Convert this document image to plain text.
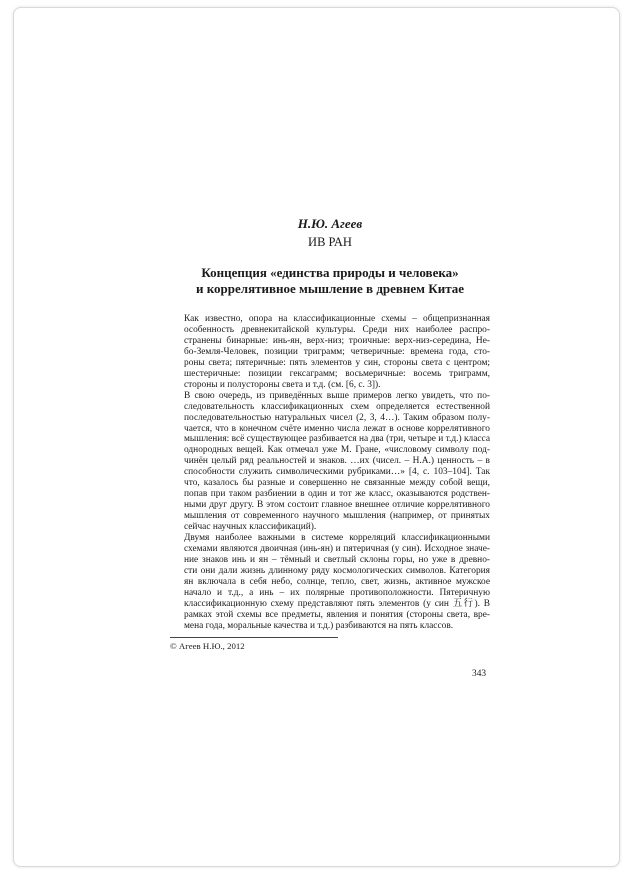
Н.Ю. Агеев

ИВ РАН

Концепция «единства природы и человека»
и коррелятивное мышление в древнем Китае

Как известно, опора на классификационные схемы – общепризнанная
особенность древнекитайской культуры. Среди них наиболее распро-
странены бинарные: инь-ян, верх-низ; троичные: верх-низ-середина, Не-
бо-Земля-Человек, позиции триграмм; четверичные: времена года, сто-
роны света; пятеричные: пять элементов у син, стороны света с центром;
шестеричные: позиции гексаграмм; восьмеричные: восемь триграмм,
стороны и полустороны света и т.д. (см. [6, с. 3]).

В свою очередь, из приведённых выше примеров легко увидеть, что по-
следовательность классификационных схем определяется естественной
последовательностью натуральных чисел (2, 3, 4…). Таким образом полу-
чается, что в конечном счёте именно числа лежат в основе коррелятивного
мышления: всё существующее разбивается на два (три, четыре и т.д.) класса
однородных вещей. Как отмечал уже М. Гране, «числовому символу под-
чинён целый ряд реальностей и знаков. …их (чисел. – Н.А.) ценность – в
способности служить символическими рубриками…» [4, с. 103–104]. Так
что, казалось бы разные и совершенно не связанные между собой вещи,
попав при таком разбиении в один и тот же класс, оказываются родствен-
ными друг другу. В этом состоит главное внешнее отличие коррелятивного
мышления от современного научного мышления (например, от принятых
сейчас научных классификаций).

Двумя наиболее важными в системе корреляций классификационными
схемами являются двоичная (инь-ян) и пятеричная (у син). Исходное значе-
ние знаков инь и ян – тёмный и светлый склоны горы, но уже в древно-
сти они дали жизнь длинному ряду космологических символов. Категория
ян включала в себя небо, солнце, тепло, свет, жизнь, активное мужское
начало и т.д., а инь – их полярные противоположности. Пятеричную
классификационную схему представляют пять элементов (у син 五行). В
рамках этой схемы все предметы, явления и понятия (стороны света, вре-
мена года, моральные качества и т.д.) разбиваются на пять классов.

© Агеев Н.Ю., 2012
343
